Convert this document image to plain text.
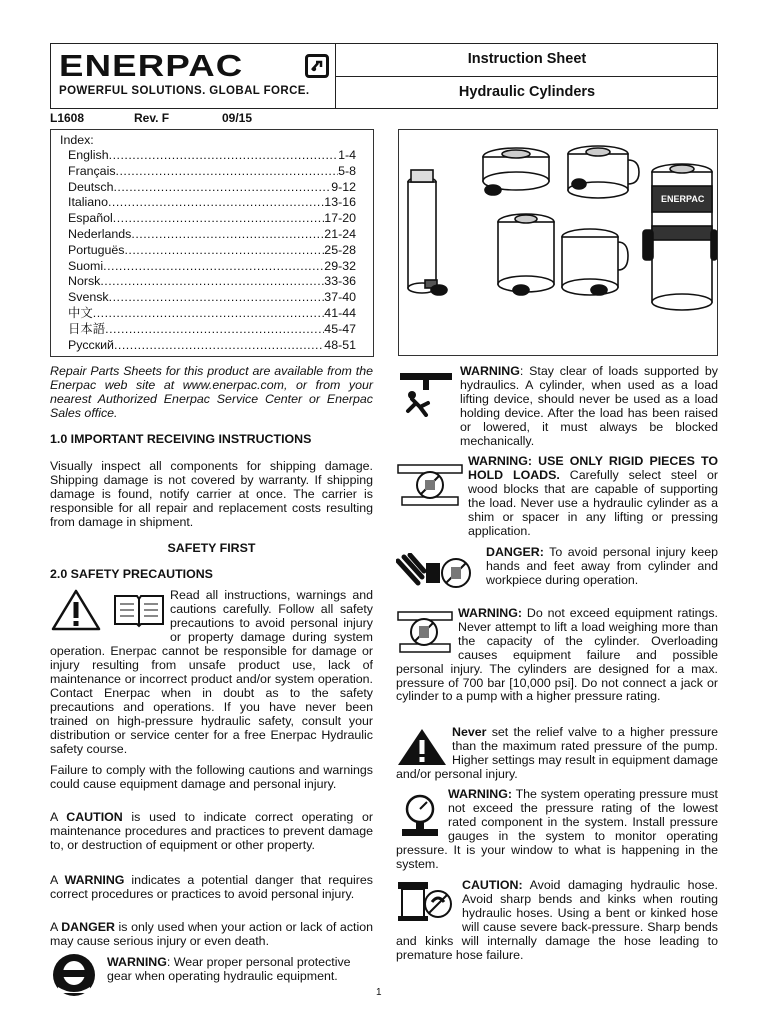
ENERPAC
POWERFUL SOLUTIONS. GLOBAL FORCE.
Instruction Sheet
Hydraulic Cylinders
L1608	Rev. F	09/15
Index:
English .....	1-4
Français .....	5-8
Deutsch .....	9-12
Italiano .....	13-16
Español .....	17-20
Nederlands .....	21-24
Portuguës .....	25-28
Suomi .....	29-32
Norsk .....	33-36
Svensk .....	37-40
中文 .....	41-44
日本語 .....	45-47
Русский .....	48-51
ENERPAC

Repair Parts Sheets for this product are available from the Enerpac web site at www.enerpac.com, or from your nearest Authorized Enerpac Service Center or Enerpac Sales office.

1.0 IMPORTANT RECEIVING INSTRUCTIONS

Visually inspect all components for shipping damage. Shipping damage is not covered by warranty. If shipping damage is found, notify carrier at once. The carrier is responsible for all repair and replacement costs resulting from damage in shipment.

SAFETY FIRST

2.0 SAFETY PRECAUTIONS

Read all instructions, warnings and cautions carefully. Follow all safety precautions to avoid personal injury or property damage during system operation. Enerpac cannot be responsible for damage or injury resulting from unsafe product use, lack of maintenance or incorrect product and/or system operation. Contact Enerpac when in doubt as to the safety precautions and operations. If you have never been trained on high-pressure hydraulic safety, consult your distribution or service center for a free Enerpac Hydraulic safety course.

Failure to comply with the following cautions and warnings could cause equipment damage and personal injury.

A CAUTION is used to indicate correct operating or maintenance procedures and practices to prevent damage to, or destruction of equipment or other property.

A WARNING indicates a potential danger that requires correct procedures or practices to avoid personal injury.

A DANGER is only used when your action or lack of action may cause serious injury or even death.

WARNING: Wear proper personal protective gear when operating hydraulic equipment.

WARNING: Stay clear of loads supported by hydraulics. A cylinder, when used as a load lifting device, should never be used as a load holding device. After the load has been raised or lowered, it must always be blocked mechanically.
WARNING: USE ONLY RIGID PIECES TO HOLD LOADS. Carefully select steel or wood blocks that are capable of supporting the load. Never use a hydraulic cylinder as a shim or spacer in any lifting or pressing application.
DANGER: To avoid personal injury keep hands and feet away from cylinder and workpiece during operation.
WARNING: Do not exceed equipment ratings. Never attempt to lift a load weighing more than the capacity of the cylinder. Overloading causes equipment failure and possible personal injury. The cylinders are designed for a max. pressure of 700 bar [10,000 psi]. Do not connect a jack or cylinder to a pump with a higher pressure rating.
Never set the relief valve to a higher pressure than the maximum rated pressure of the pump. Higher settings may result in equipment damage and/or personal injury.
WARNING: The system operating pressure must not exceed the pressure rating of the lowest rated component in the system. Install pressure gauges in the system to monitor operating pressure. It is your window to what is happening in the system.
CAUTION: Avoid damaging hydraulic hose. Avoid sharp bends and kinks when routing hydraulic hoses. Using a bent or kinked hose will cause severe back-pressure. Sharp bends and kinks will internally damage the hose leading to premature hose failure.
1
